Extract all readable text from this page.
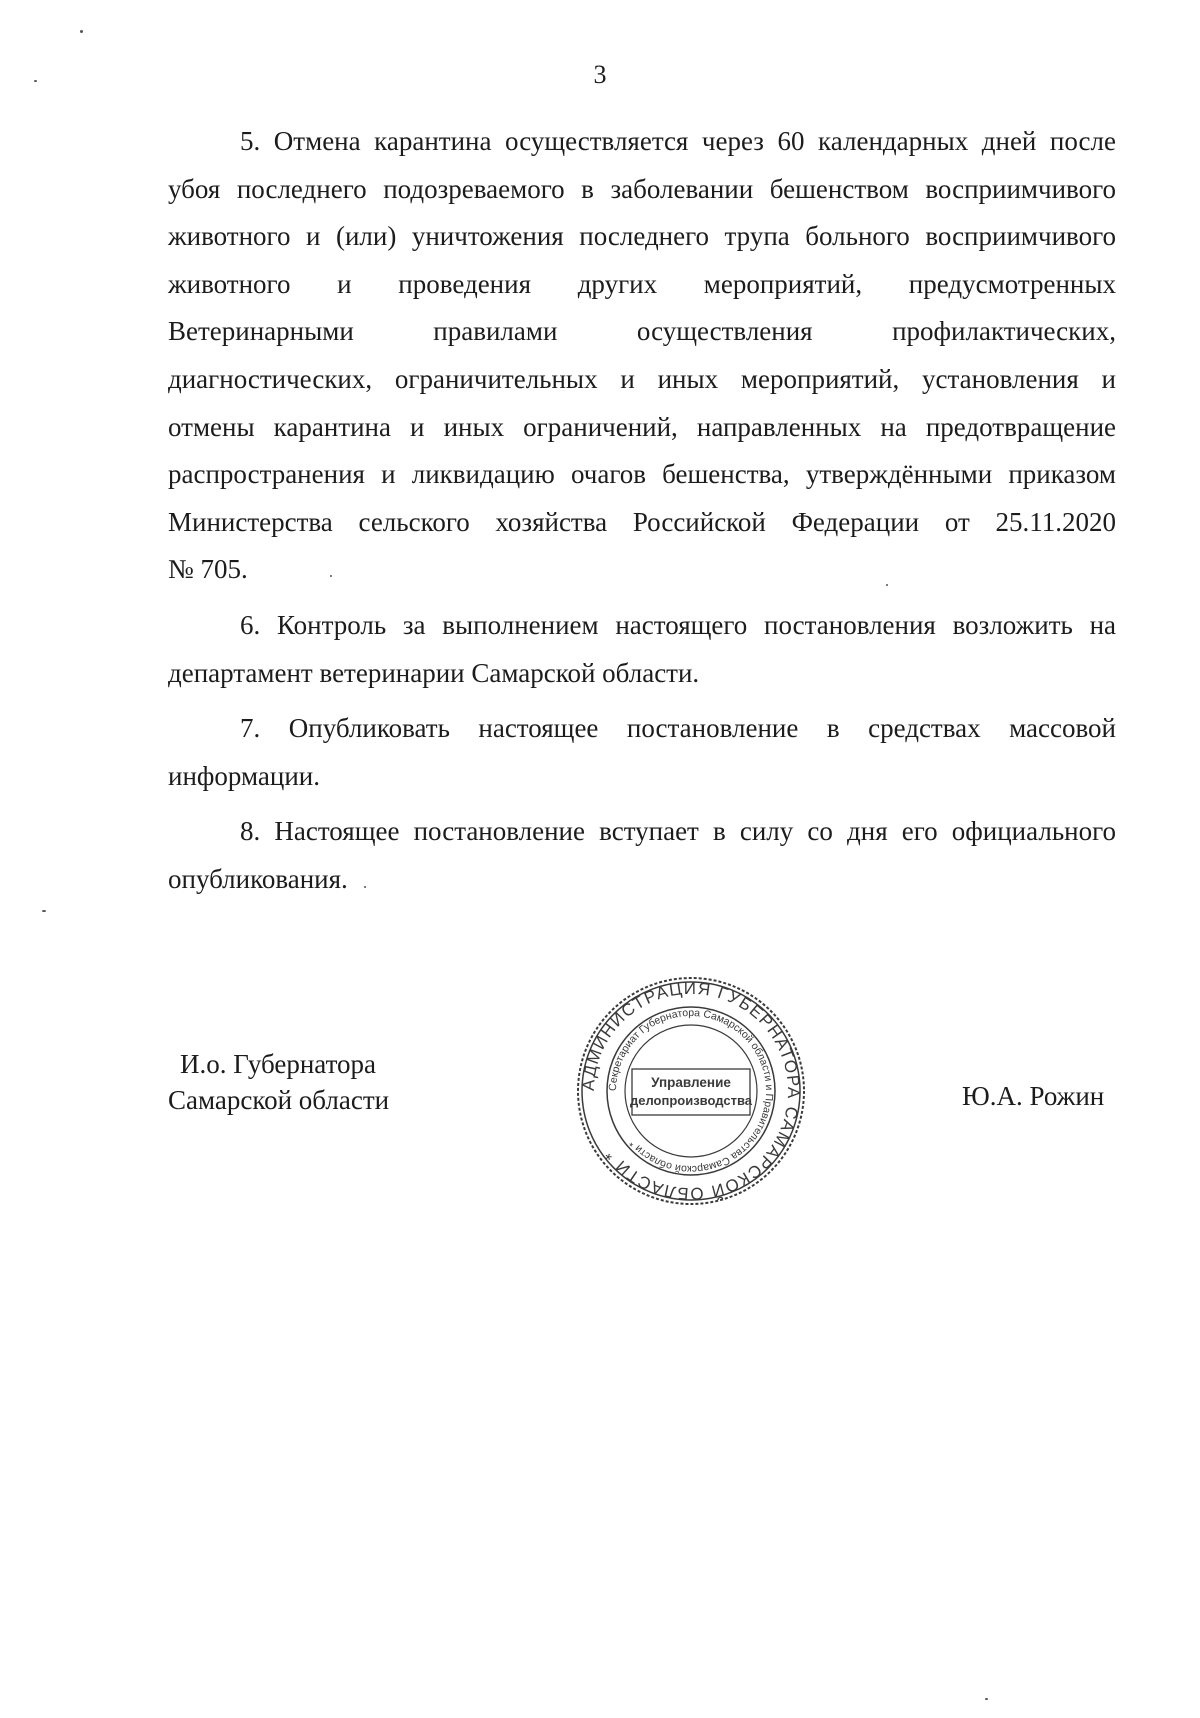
3

5. Отмена карантина осуществляется через 60 календарных дней после
убоя последнего подозреваемого в заболевании бешенством восприимчивого
животного и (или) уничтожения последнего трупа больного восприимчивого
животного и проведения других мероприятий, предусмотренных
Ветеринарными правилами осуществления профилактических,
диагностических, ограничительных и иных мероприятий, установления и
отмены карантина и иных ограничений, направленных на предотвращение
распространения и ликвидацию очагов бешенства, утверждёнными приказом
Министерства сельского хозяйства Российской Федерации от 25.11.2020
№ 705.

6. Контроль за выполнением настоящего постановления возложить на
департамент ветеринарии Самарской области.

7. Опубликовать настоящее постановление в средствах массовой
информации.

8. Настоящее постановление вступает в силу со дня его официального
опубликования.

И.о. Губернатора
Самарской области
АДМИНИСТРАЦИЯ ГУБЕРНАТОРА САМАРСКОЙ ОБЛАСТИ *
Секретариат Губернатора Самарской области и Правительства Самарской области *
Управление
делопроизводства	Ю.А. Рожин
